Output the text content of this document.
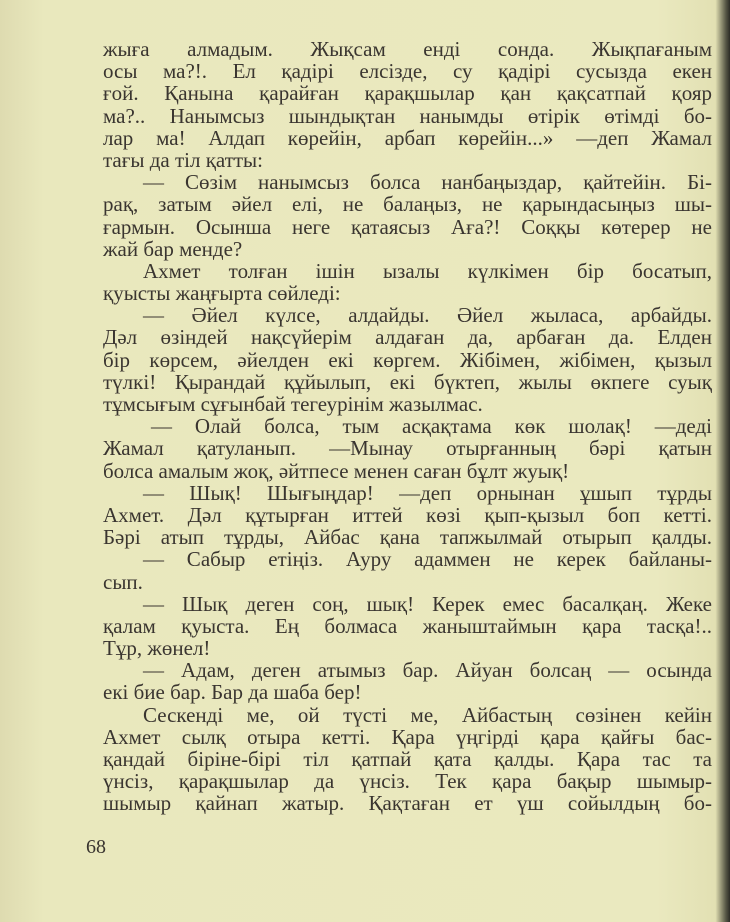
жыға алмадым. Жықсам енді сонда. Жықпағаным
осы ма?!. Ел қадірі елсізде, су қадірі сусызда екен
ғой. Қанына қарайған қарақшылар қан қақсатпай қояр
ма?.. Нанымсыз шындықтан нанымды өтірік өтімді бо-
лар ма! Алдап көрейін, арбап көрейін...» —деп Жамал
тағы да тіл қатты:
— Сөзім нанымсыз болса нанбаңыздар, қайтейін. Бі-
рақ, затым әйел елі, не балаңыз, не қарындасыңыз шы-
ғармын. Осынша неге қатаясыз Аға?! Соққы көтерер не
жай бар менде?
Ахмет толған ішін ызалы күлкімен бір босатып,
қуысты жаңғырта сөйледі:
— Әйел күлсе, алдайды. Әйел жыласа, арбайды.
Дәл өзіндей нақсүйерім алдаған да, арбаған да. Елден
бір көрсем, әйелден екі көргем. Жібімен, жібімен, қызыл
түлкі! Қырандай құйылып, екі бүктеп, жылы өкпеге суық
тұмсығым сұғынбай тегеурінім жазылмас.
— Олай болса, тым асқақтама көк шолақ! —деді
Жамал қатуланып. —Мынау отырғанның бәрі қатын
болса амалым жоқ, әйтпесе менен саған бұлт жуық!
— Шық! Шығыңдар! —деп орнынан ұшып тұрды
Ахмет. Дәл құтырған иттей көзі қып-қызыл боп кетті.
Бәрі атып тұрды, Айбас қана тапжылмай отырып қалды.
— Сабыр етіңіз. Ауру адаммен не керек байланы-
сып.
— Шық деген соң, шық! Керек емес басалқаң. Жеке
қалам қуыста. Ең болмаса жаныштаймын қара тасқа!..
Тұр, жөнел!
— Адам, деген атымыз бар. Айуан болсаң — осында
екі бие бар. Бар да шаба бер!
Сескенді ме, ой түсті ме, Айбастың сөзінен кейін
Ахмет сылқ отыра кетті. Қара үңгірді қара қайғы бас-
қандай біріне-бірі тіл қатпай қата қалды. Қара тас та
үнсіз, қарақшылар да үнсіз. Тек қара бақыр шымыр-
шымыр қайнап жатыр. Қақтаған ет үш сойылдың бо-
68
